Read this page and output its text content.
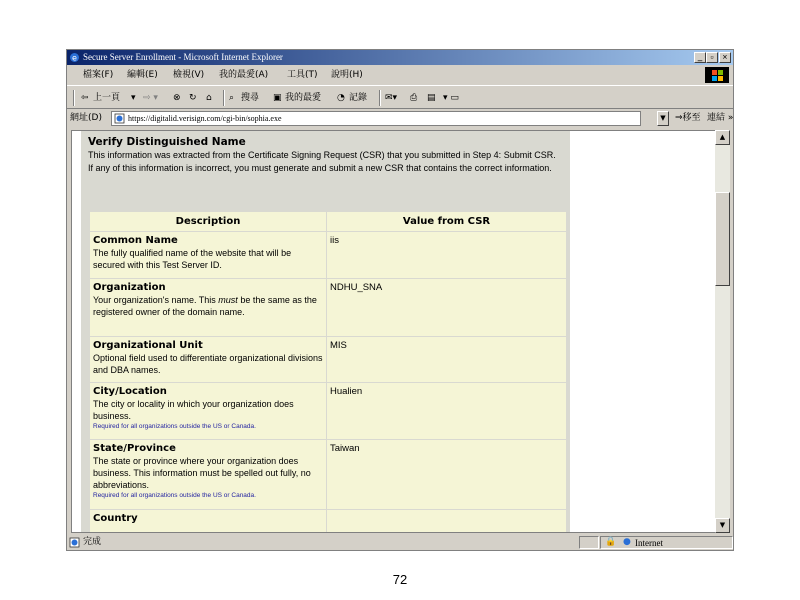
e Secure Server Enrollment - Microsoft Internet Explorer	_ ▫ ×
檔案(F) 編輯(E) 檢視(V) 我的最愛(A) 工具(T) 說明(H)
⇦ 上一頁 ▾ ⇨ ▾ ⊗ ↻ ⌂ ⌕ 搜尋 ▣ 我的最愛 ◔ 記錄 ✉▾ ⎙ ▤ ▾ ▭
網址(D)	https://digitalid.verisign.com/cgi-bin/sophia.exe	▼	⇒移至 連結 »
Verify Distinguished Name
This information was extracted from the Certificate Signing Request (CSR) that you submitted in Step 4: Submit CSR. If any of this information is incorrect, you must generate and submit a new CSR that contains the correct information.
Description	Value from CSR

Common Name
The fully qualified name of the website that will be secured with this Test Server ID.	iis

Organization
Your organization's name. This must be the same as the registered owner of the domain name.	NDHU_SNA

Organizational Unit
Optional field used to differentiate organizational divisions and DBA names.	MIS

City/Location
The city or locality in which your organization does business.
Required for all organizations outside the US or Canada.	Hualien

State/Province
The state or province where your organization does business. This information must be spelled out fully, no abbreviations.
Required for all organizations outside the US or Canada.	Taiwan

Country	

▲
▼
完成	🔒 ● Internet
72
